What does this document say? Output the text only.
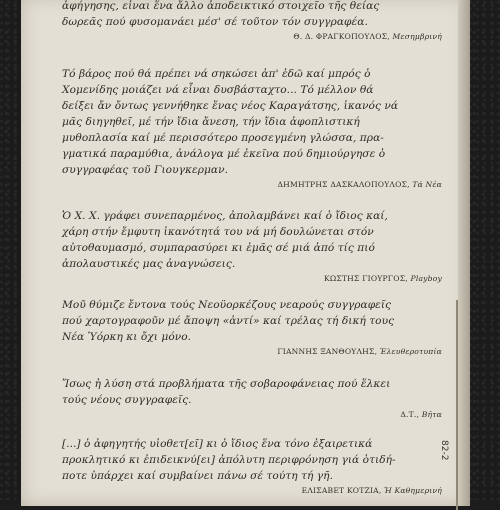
ἀφήγησης, εἶναι ἕνα ἄλλο ἀποδεικτικό στοιχεῖο τῆς θείας
δωρεᾶς πού φυσομανάει μέσ' σέ τοῦτον τόν συγγραφέα.

Θ. Δ. ΦΡΑΓΚΟΠΟΥΛΟΣ, Μεσημβρινή

Τό βάρος πού θά πρέπει νά σηκώσει ἀπ' ἐδῶ καί μπρός ὁ
Χομενίδης μοιάζει νά εἶναι δυσβάσταχτο... Τό μέλλον θά
δείξει ἄν ὄντως γεννήθηκε ἕνας νέος Καραγάτσης, ἱκανός νά
μᾶς διηγηθεῖ, μέ τήν ἴδια ἄνεση, τήν ἴδια ἀφοπλιστική
μυθοπλασία καί μέ περισσότερο προσεγμένη γλώσσα, πρα-
γματικά παραμύθια, ἀνάλογα μέ ἐκεῖνα πού δημιούργησε ὁ
συγγραφέας τοῦ Γιουγκερμαν.

ΔΗΜΗΤΡΗΣ ΔΑΣΚΑΛΟΠΟΥΛΟΣ, Τά Νέα

Ὁ Χ. Χ. γράφει συνεπαρμένος, ἀπολαμβάνει καί ὁ ἴδιος καί,
χάρη στήν ἔμφυτη ἱκανότητά του νά μή δουλώνεται στόν
αὐτοθαυμασμό, συμπαρασύρει κι ἐμᾶς σέ μιά ἀπό τίς πιό
ἀπολαυστικές μας ἀναγνώσεις.

ΚΩΣΤΗΣ ΓΙΟΥΡΓΟΣ, Playboy

Μοῦ θύμιζε ἔντονα τούς Νεοϋορκέζους νεαρούς συγγραφεῖς
πού χαρτογραφοῦν μέ ἄποψη «ἀντί» καί τρέλας τή δική τους
Νέα Ὑόρκη κι ὄχι μόνο.

ΓΙΑΝΝΗΣ ΞΑΝΘΟΥΛΗΣ, Ἐλευθεροτυπία

Ἴσως ἡ λύση στά προβλήματα τῆς σοβαροφάνειας πού ἕλκει
τούς νέους συγγραφεῖς.

Δ.Τ., Βῆτα

[...] ὁ ἀφηγητής υἱοθετ[εῖ] κι ὁ ἴδιος ἕνα τόνο ἐξαιρετικά
προκλητικό κι ἐπιδεικνύ[ει] ἀπόλυτη περιφρόνηση γιά ὁτιδή-
ποτε ὑπάρχει καί συμβαίνει πάνω σέ τούτη τή γῆ.

ΕΛΙΣΑΒΕΤ ΚΟΤΖΙΑ, Ἡ Καθημερινή

82-2
